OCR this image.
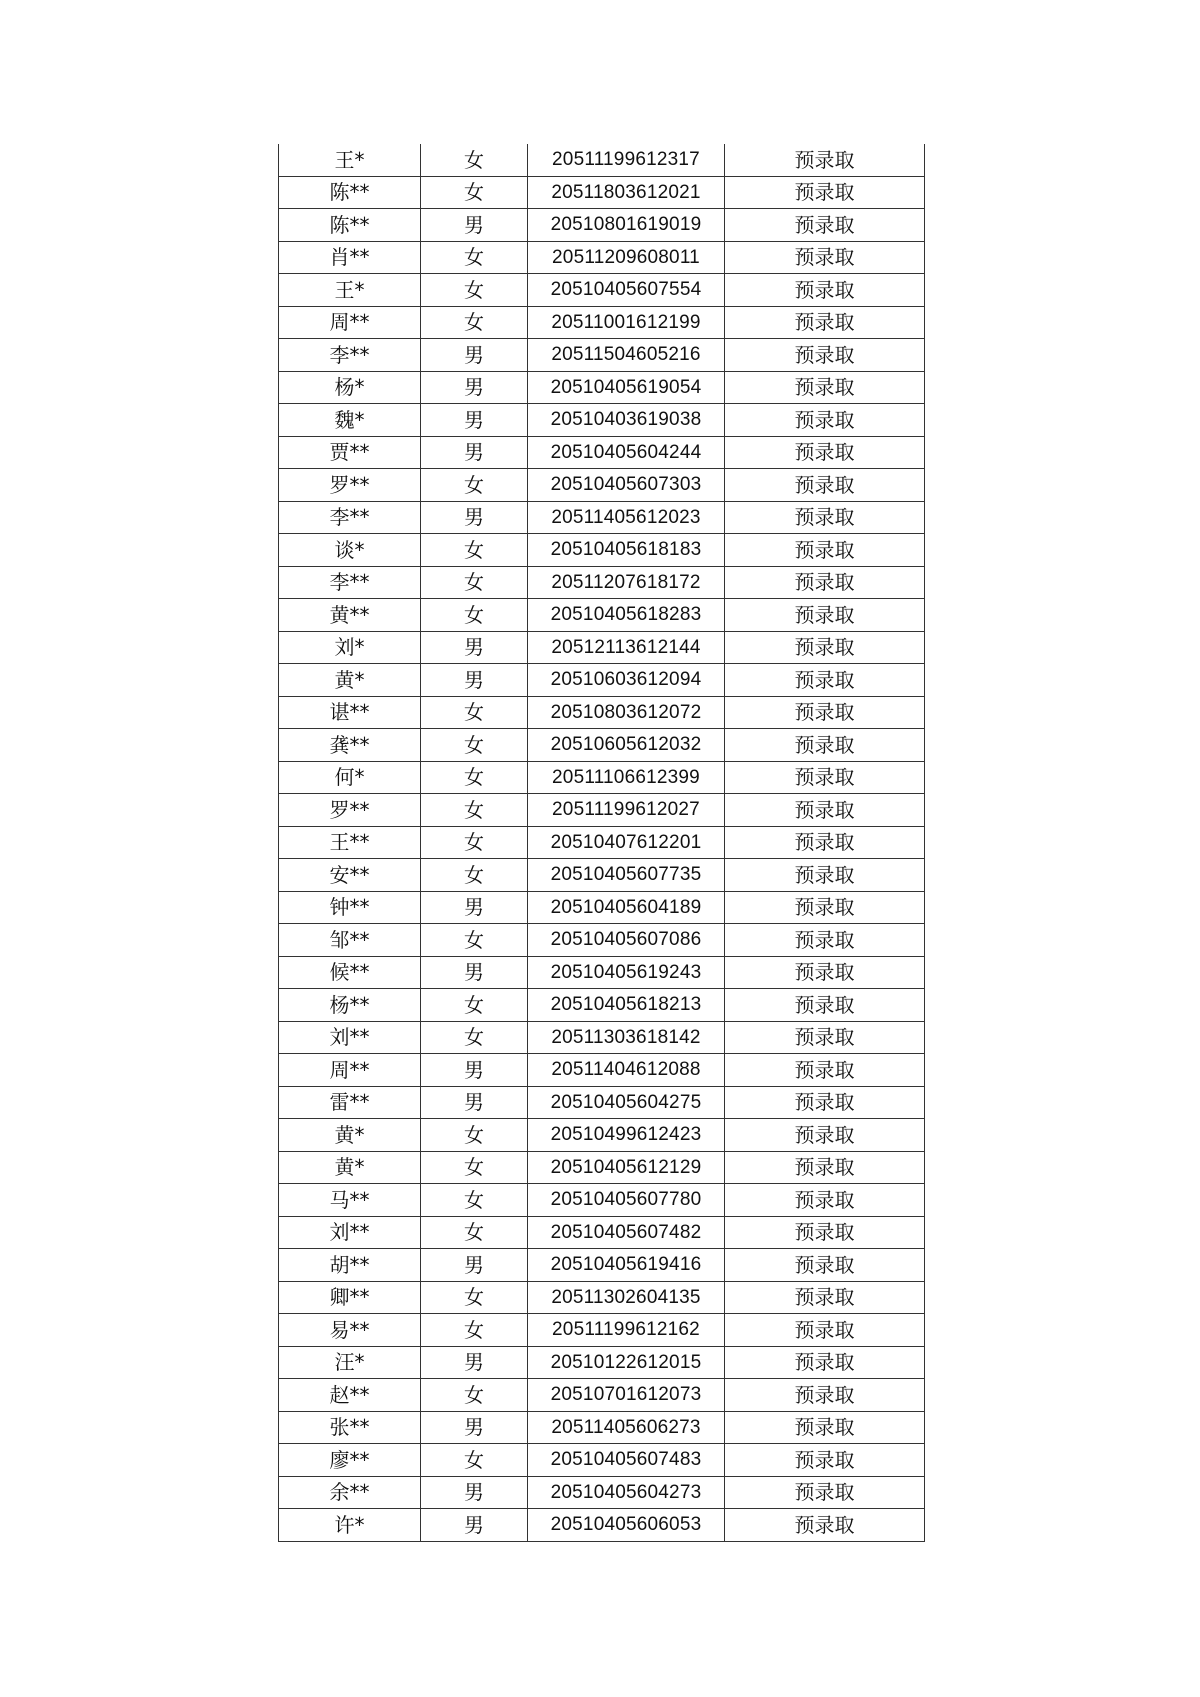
王*	女	20511199612317	预录取
陈**	女	20511803612021	预录取
陈**	男	20510801619019	预录取
肖**	女	20511209608011	预录取
王*	女	20510405607554	预录取
周**	女	20511001612199	预录取
李**	男	20511504605216	预录取
杨*	男	20510405619054	预录取
魏*	男	20510403619038	预录取
贾**	男	20510405604244	预录取
罗**	女	20510405607303	预录取
李**	男	20511405612023	预录取
谈*	女	20510405618183	预录取
李**	女	20511207618172	预录取
黄**	女	20510405618283	预录取
刘*	男	20512113612144	预录取
黄*	男	20510603612094	预录取
谌**	女	20510803612072	预录取
龚**	女	20510605612032	预录取
何*	女	20511106612399	预录取
罗**	女	20511199612027	预录取
王**	女	20510407612201	预录取
安**	女	20510405607735	预录取
钟**	男	20510405604189	预录取
邹**	女	20510405607086	预录取
候**	男	20510405619243	预录取
杨**	女	20510405618213	预录取
刘**	女	20511303618142	预录取
周**	男	20511404612088	预录取
雷**	男	20510405604275	预录取
黄*	女	20510499612423	预录取
黄*	女	20510405612129	预录取
马**	女	20510405607780	预录取
刘**	女	20510405607482	预录取
胡**	男	20510405619416	预录取
卿**	女	20511302604135	预录取
易**	女	20511199612162	预录取
汪*	男	20510122612015	预录取
赵**	女	20510701612073	预录取
张**	男	20511405606273	预录取
廖**	女	20510405607483	预录取
余**	男	20510405604273	预录取
许*	男	20510405606053	预录取
